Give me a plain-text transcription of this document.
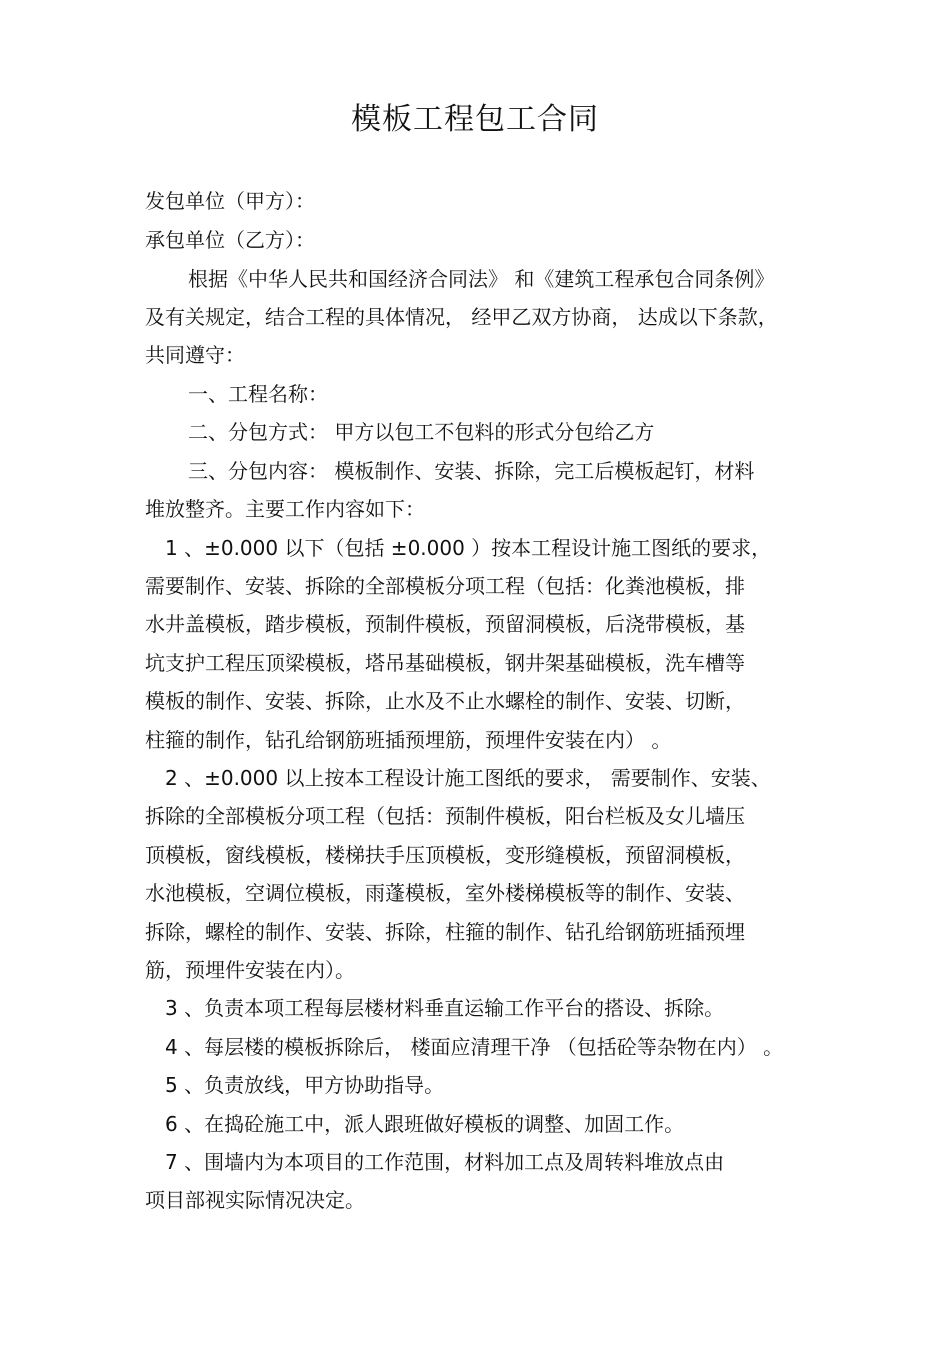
模板工程包工合同
发包单位（甲方）：
承包单位（乙方）：
根据《中华人民共和国经济合同法》 和《建筑工程承包合同条例》
及有关规定，结合工程的具体情况， 经甲乙双方协商， 达成以下条款，
共同遵守：
一、工程名称：
二、分包方式： 甲方以包工不包料的形式分包给乙方
三、分包内容： 模板制作、安装、拆除，完工后模板起钉，材料
堆放整齐。主要工作内容如下：
1 、±0.000 以下（包括 ±0.000 ）按本工程设计施工图纸的要求，
需要制作、安装、拆除的全部模板分项工程（包括：化粪池模板，排
水井盖模板，踏步模板，预制件模板，预留洞模板，后浇带模板，基
坑支护工程压顶梁模板，塔吊基础模板，钢井架基础模板，洗车槽等
模板的制作、安装、拆除，止水及不止水螺栓的制作、安装、切断，
柱箍的制作，钻孔给钢筋班插预埋筋，预埋件安装在内） 。
2 、±0.000 以上按本工程设计施工图纸的要求， 需要制作、安装、
拆除的全部模板分项工程（包括：预制件模板，阳台栏板及女儿墙压
顶模板，窗线模板，楼梯扶手压顶模板，变形缝模板，预留洞模板，
水池模板，空调位模板，雨蓬模板，室外楼梯模板等的制作、安装、
拆除，螺栓的制作、安装、拆除，柱箍的制作、钻孔给钢筋班插预埋
筋，预埋件安装在内）。
3 、负责本项工程每层楼材料垂直运输工作平台的搭设、拆除。
4 、每层楼的模板拆除后， 楼面应清理干净 （包括砼等杂物在内） 。
5 、负责放线，甲方协助指导。
6 、在捣砼施工中，派人跟班做好模板的调整、加固工作。
7 、围墙内为本项目的工作范围，材料加工点及周转料堆放点由
项目部视实际情况决定。
